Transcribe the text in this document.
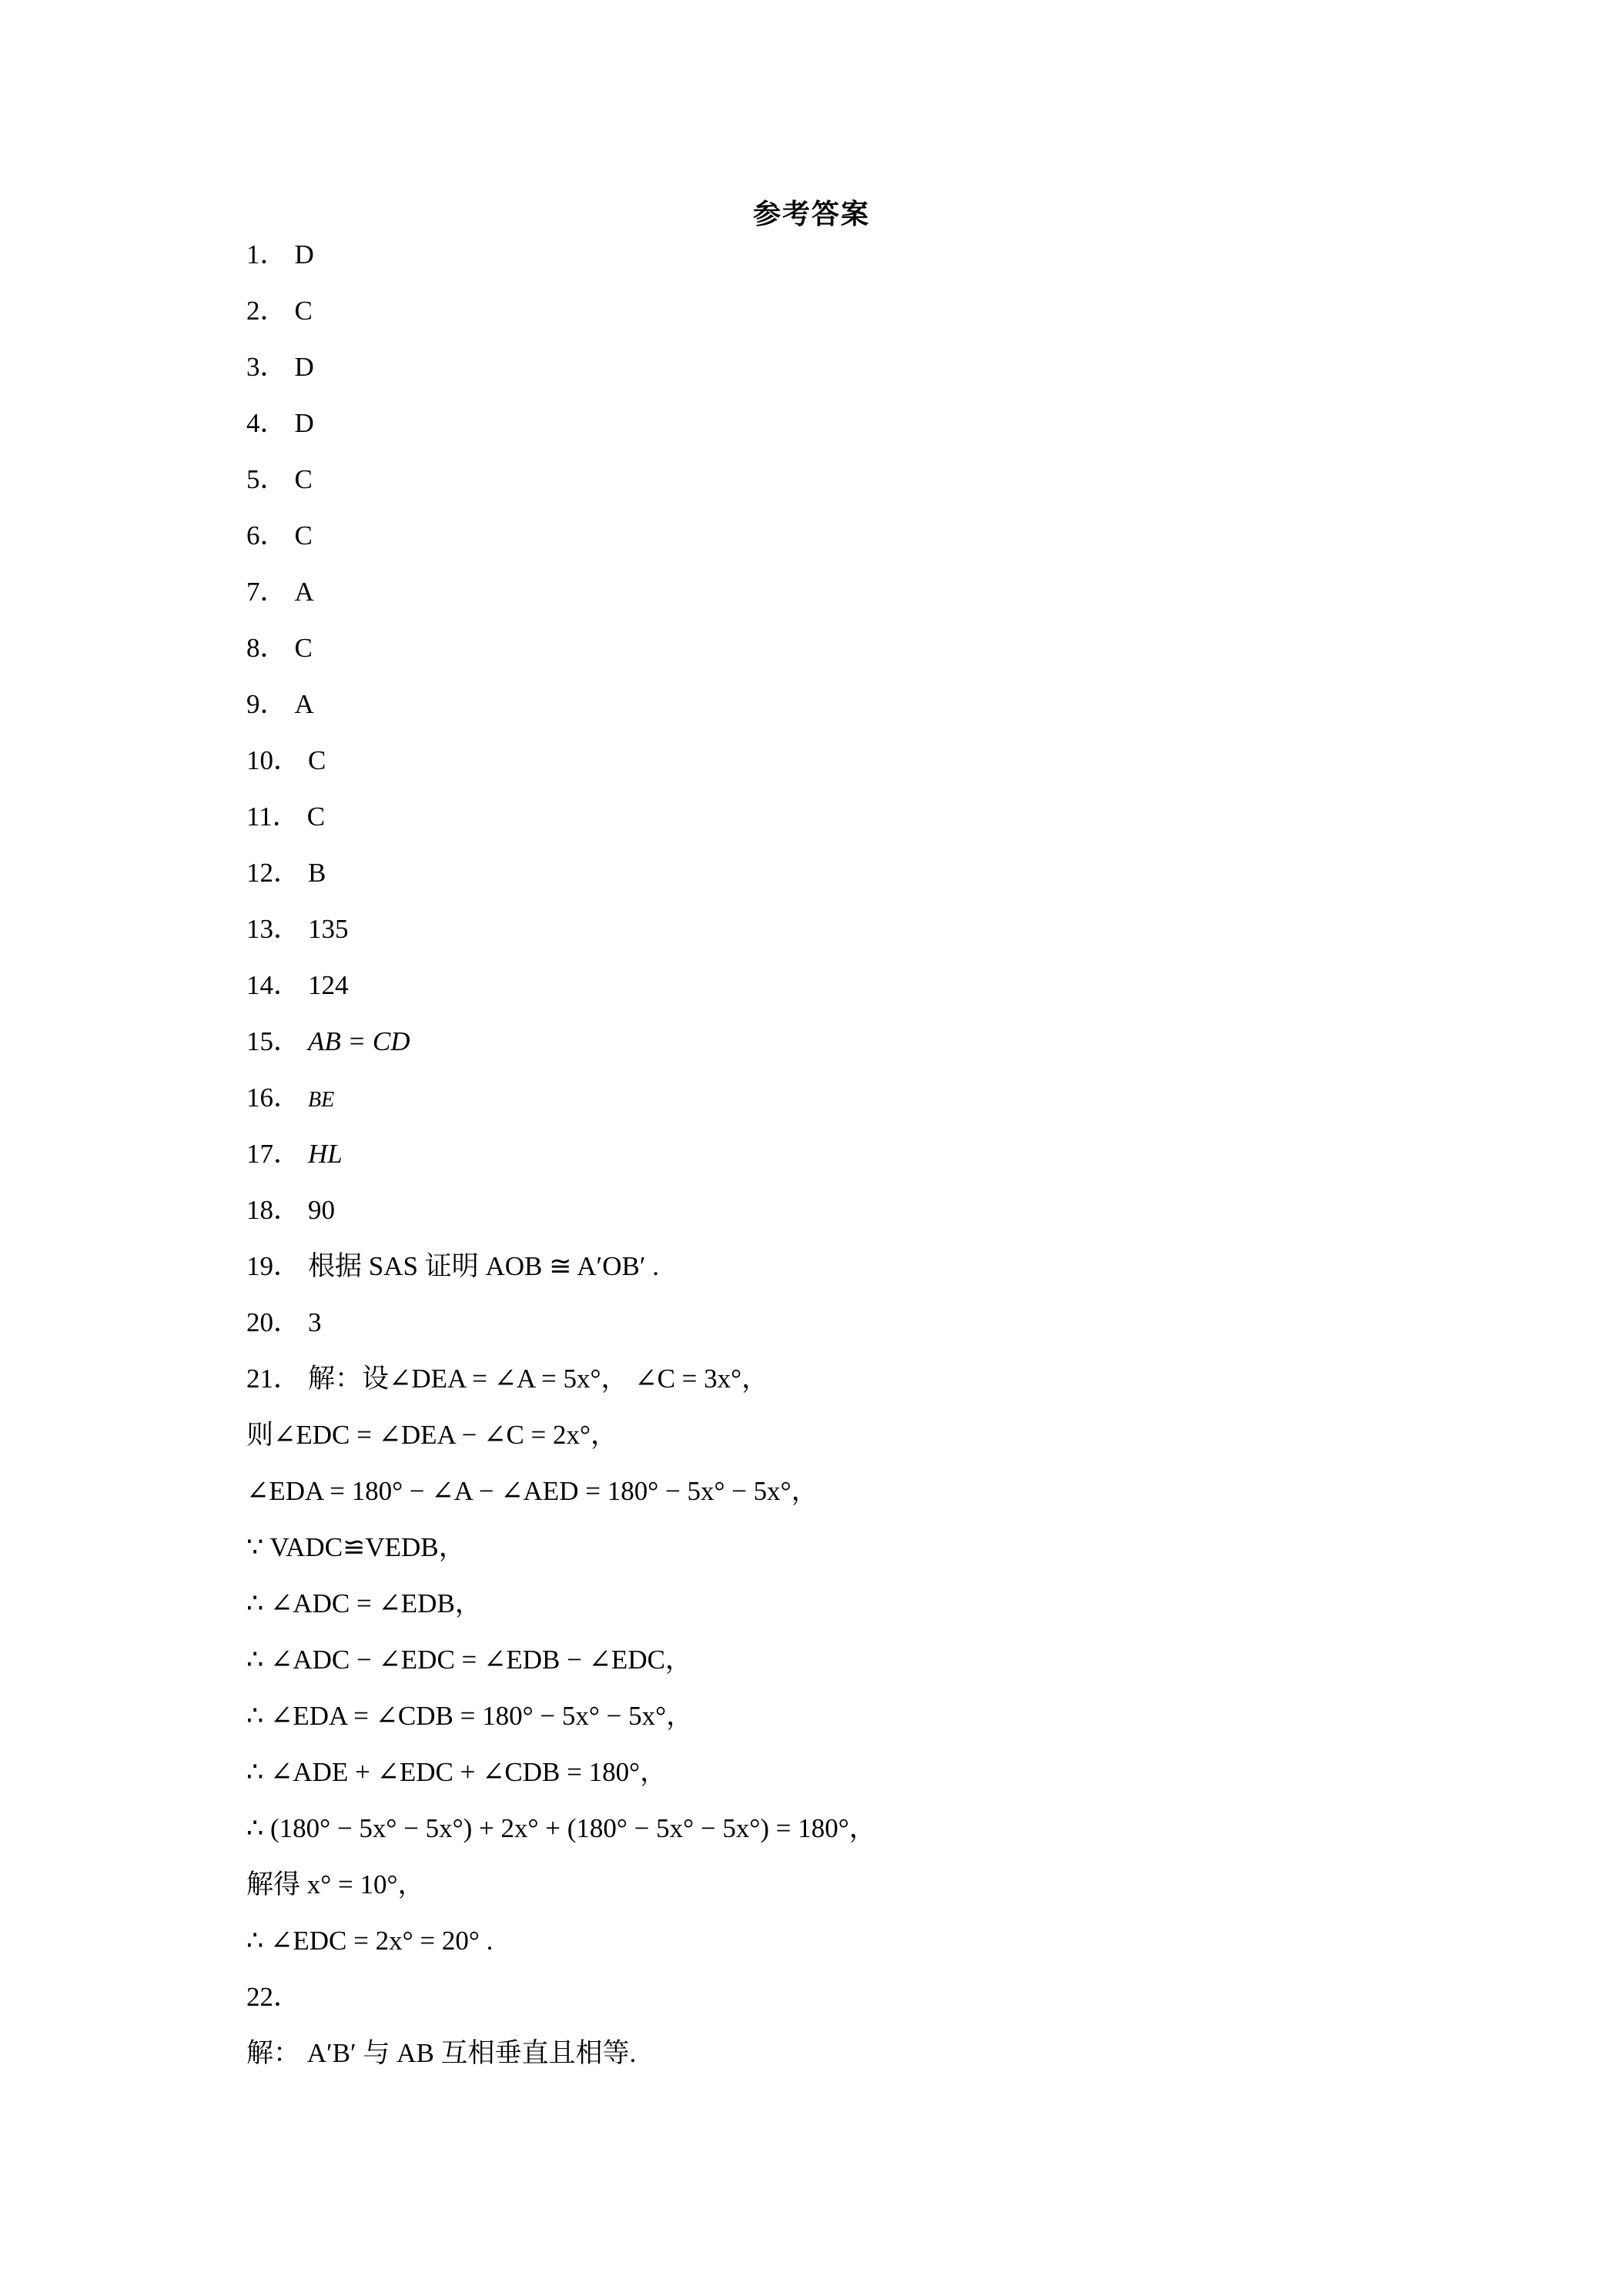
参考答案
1． D
2． C
3． D
4． D
5． C
6． C
7． A
8． C
9． A
10． C
11． C
12． B
13． 135
14． 124
15． AB = CD
16． BE
17． HL
18． 90
19． 根据 SAS 证明 AOB ≅ A′OB′ .
20． 3
21． 解：设∠DEA = ∠A = 5x°， ∠C = 3x°，
则∠EDC = ∠DEA − ∠C = 2x°，
∠EDA = 180° − ∠A − ∠AED = 180° − 5x° − 5x°，
∵ VADC≌VEDB，
∴ ∠ADC = ∠EDB，
∴ ∠ADC − ∠EDC = ∠EDB − ∠EDC，
∴ ∠EDA = ∠CDB = 180° − 5x° − 5x°，
∴ ∠ADE + ∠EDC + ∠CDB = 180°，
∴ (180° − 5x° − 5x°) + 2x° + (180° − 5x° − 5x°) = 180°，
解得 x° = 10°，
∴ ∠EDC = 2x° = 20° .
22．
解： A′B′ 与 AB 互相垂直且相等.
